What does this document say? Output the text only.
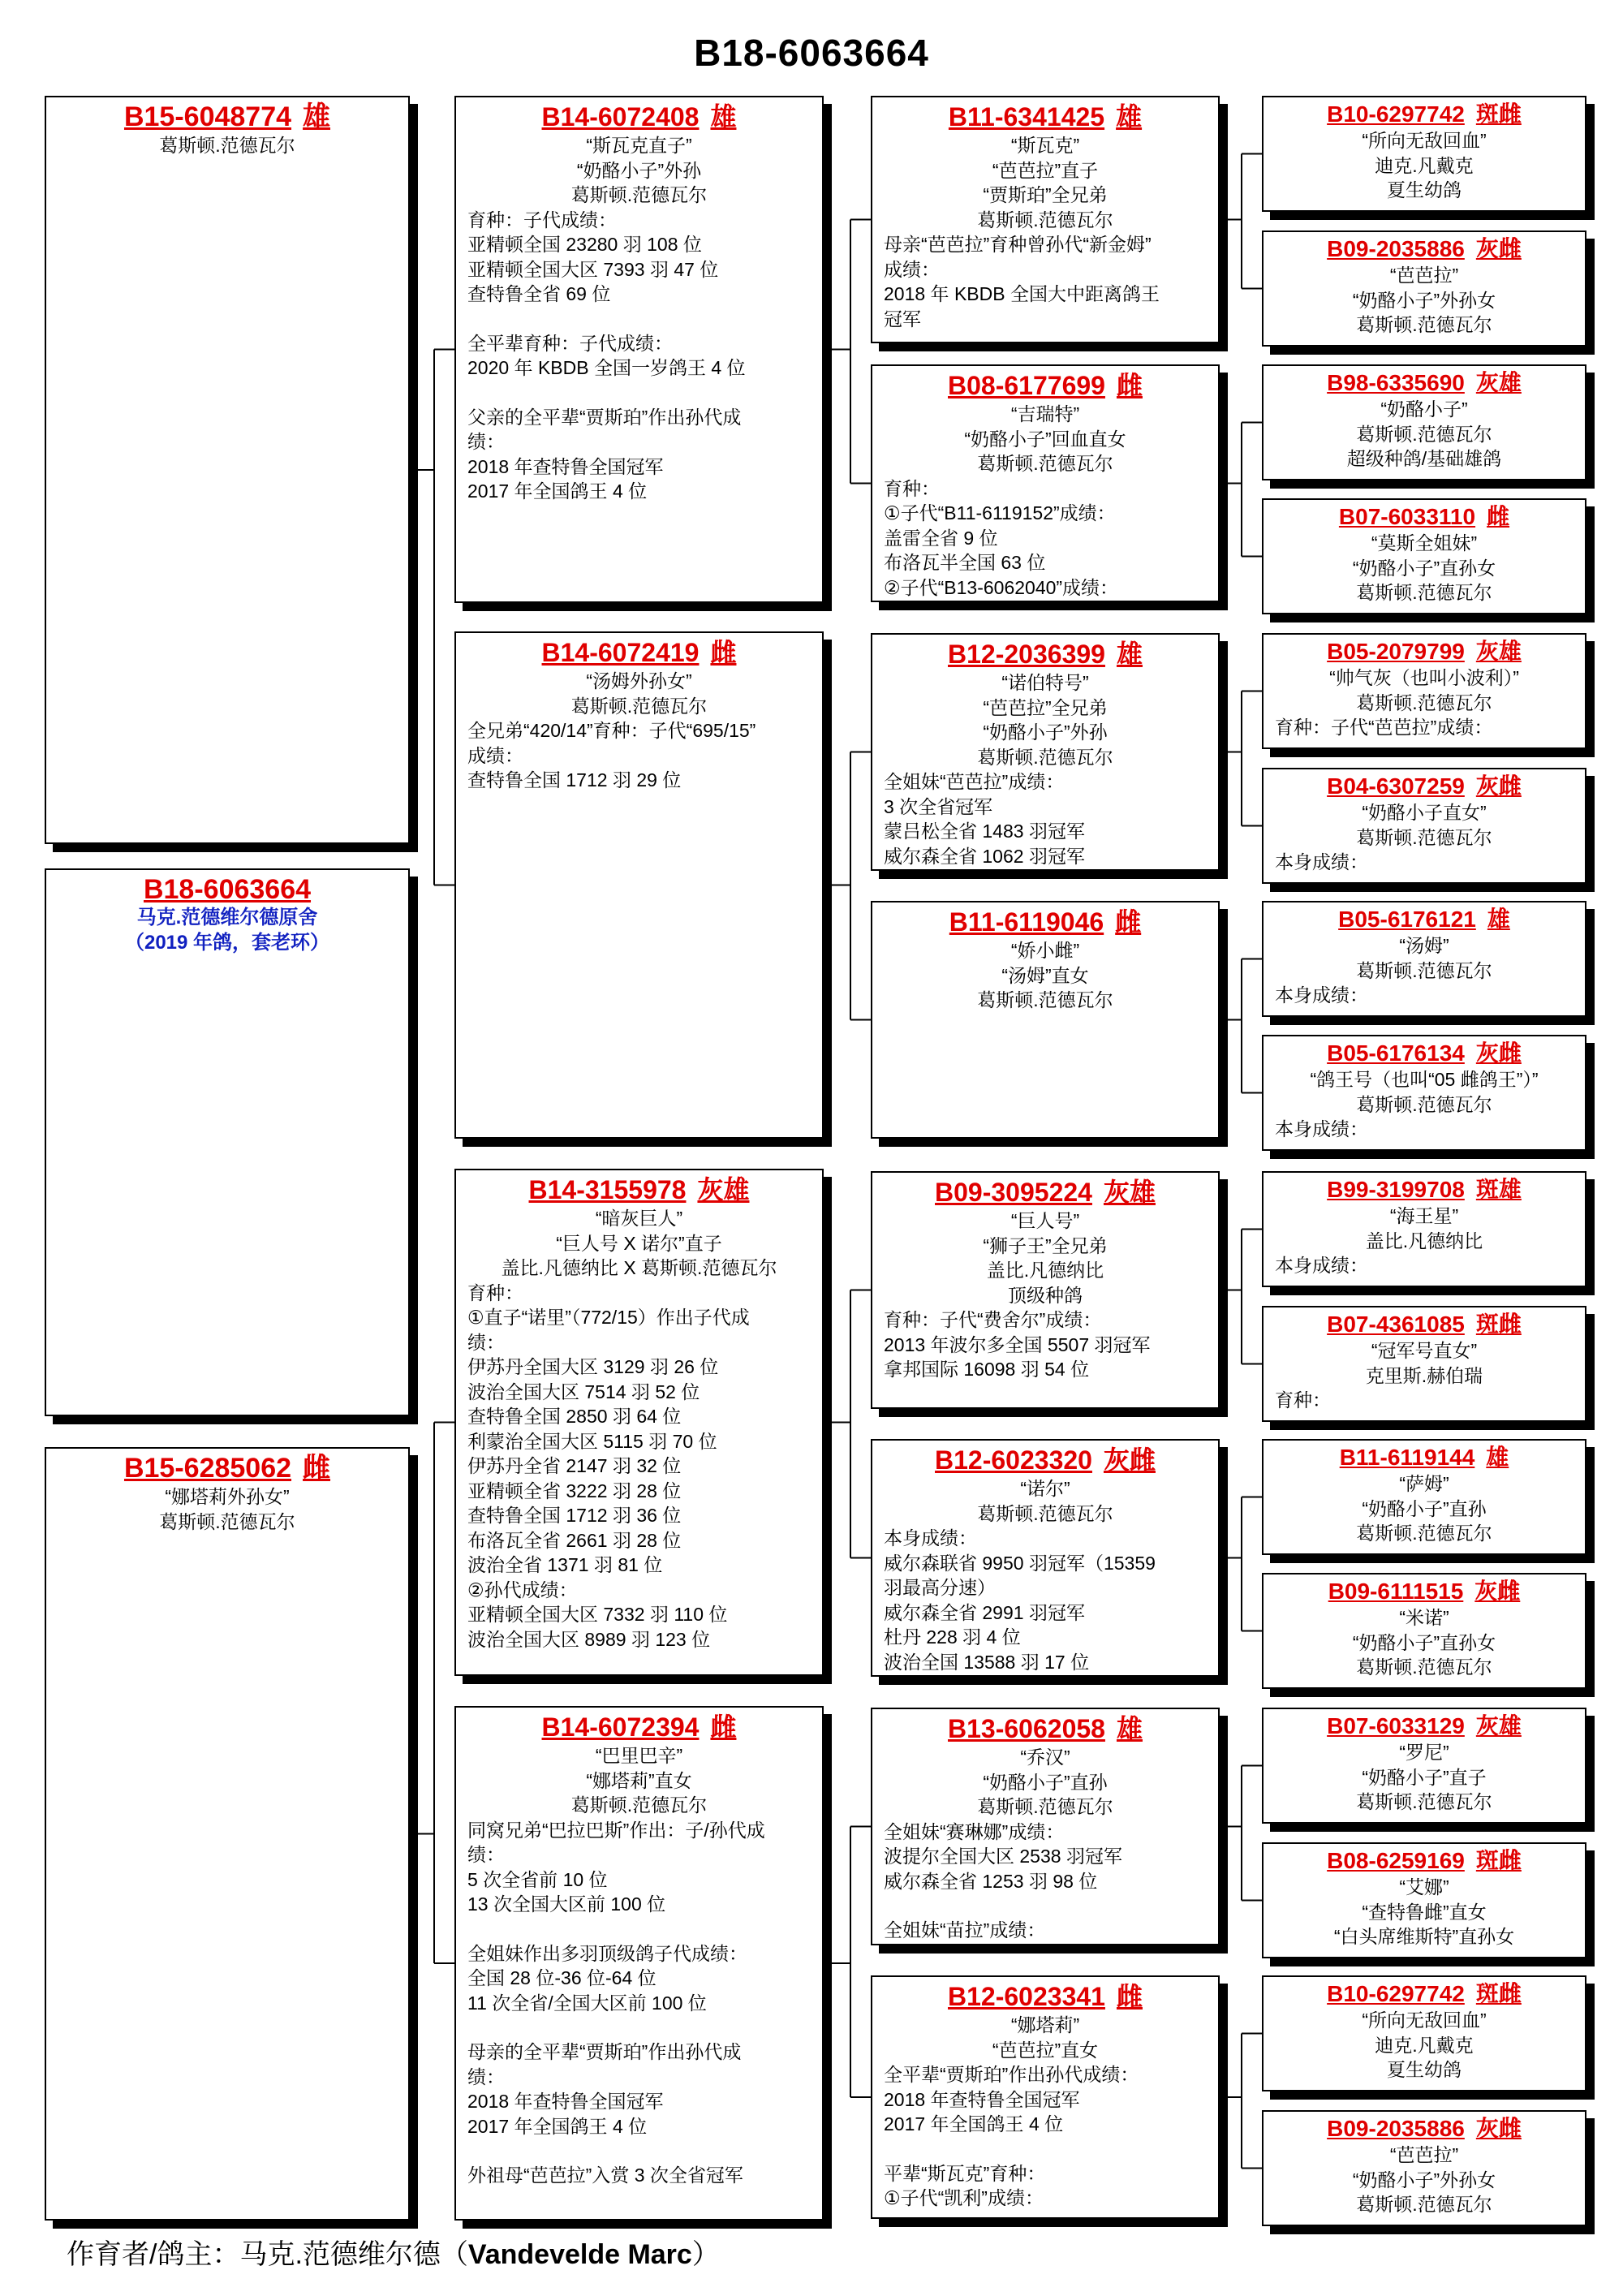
B18-6063664
B18-6063664
马克.范德维尔德原舍
（2019 年鸽，套老环）
B15-6048774 雄
葛斯顿.范德瓦尔
B15-6285062 雌
“娜塔莉外孙女”
葛斯顿.范德瓦尔
B14-6072408 雄
“斯瓦克直子”
“奶酪小子”外孙
葛斯顿.范德瓦尔
育种：子代成绩：
亚精顿全国 23280 羽 108 位
亚精顿全国大区 7393 羽 47 位
查特鲁全省 69 位
全平辈育种：子代成绩：
2020 年 KBDB 全国一岁鸽王 4 位
父亲的全平辈“贾斯珀”作出孙代成
绩：
2018 年查特鲁全国冠军
2017 年全国鸽王 4 位
B14-6072419 雌
“汤姆外孙女”
葛斯顿.范德瓦尔
全兄弟“420/14”育种：子代“695/15”
成绩：
查特鲁全国 1712 羽 29 位
B14-3155978 灰雄
“暗灰巨人”
“巨人号 X 诺尔”直子
盖比.凡德纳比 X 葛斯顿.范德瓦尔
育种：
①直子“诺里”（772/15）作出子代成
绩：
伊苏丹全国大区 3129 羽 26 位
波治全国大区 7514 羽 52 位
查特鲁全国 2850 羽 64 位
利蒙治全国大区 5115 羽 70 位
伊苏丹全省 2147 羽 32 位
亚精顿全省 3222 羽 28 位
查特鲁全国 1712 羽 36 位
布洛瓦全省 2661 羽 28 位
波治全省 1371 羽 81 位
②孙代成绩：
亚精顿全国大区 7332 羽 110 位
波治全国大区 8989 羽 123 位
B14-6072394 雌
“巴里巴辛”
“娜塔莉”直女
葛斯顿.范德瓦尔
同窝兄弟“巴拉巴斯”作出：子/孙代成
绩：
5 次全省前 10 位
13 次全国大区前 100 位
全姐妹作出多羽顶级鸽子代成绩：
全国 28 位-36 位-64 位
11 次全省/全国大区前 100 位
母亲的全平辈“贾斯珀”作出孙代成
绩：
2018 年查特鲁全国冠军
2017 年全国鸽王 4 位
外祖母“芭芭拉”入赏 3 次全省冠军
B11-6341425 雄
“斯瓦克”
“芭芭拉”直子
“贾斯珀”全兄弟
葛斯顿.范德瓦尔
母亲“芭芭拉”育种曾孙代“新金姆”
成绩：
2018 年 KBDB 全国大中距离鸽王
冠军
B08-6177699 雌
“吉瑞特”
“奶酪小子”回血直女
葛斯顿.范德瓦尔
育种：
①子代“B11-6119152”成绩：
盖雷全省 9 位
布洛瓦半全国 63 位
②子代“B13-6062040”成绩：
B12-2036399 雄
“诺伯特号”
“芭芭拉”全兄弟
“奶酪小子”外孙
葛斯顿.范德瓦尔
全姐妹“芭芭拉”成绩：
3 次全省冠军
蒙吕松全省 1483 羽冠军
威尔森全省 1062 羽冠军
B11-6119046 雌
“娇小雌”
“汤姆”直女
葛斯顿.范德瓦尔
B09-3095224 灰雄
“巨人号”
“狮子王”全兄弟
盖比.凡德纳比
顶级种鸽
育种：子代“费舍尔”成绩：
2013 年波尔多全国 5507 羽冠军
拿邦国际 16098 羽 54 位
B12-6023320 灰雌
“诺尔”
葛斯顿.范德瓦尔
本身成绩：
威尔森联省 9950 羽冠军（15359
羽最高分速）
威尔森全省 2991 羽冠军
杜丹 228 羽 4 位
波治全国 13588 羽 17 位
B13-6062058 雄
“乔汉”
“奶酪小子”直孙
葛斯顿.范德瓦尔
全姐妹“赛琳娜”成绩：
波提尔全国大区 2538 羽冠军
威尔森全省 1253 羽 98 位
全姐妹“苗拉”成绩：
B12-6023341 雌
“娜塔莉”
“芭芭拉”直女
全平辈“贾斯珀”作出孙代成绩：
2018 年查特鲁全国冠军
2017 年全国鸽王 4 位
平辈“斯瓦克”育种：
①子代“凯利”成绩：
B10-6297742 斑雌
“所向无敌回血”
迪克.凡戴克
夏生幼鸽
B09-2035886 灰雌
“芭芭拉”
“奶酪小子”外孙女
葛斯顿.范德瓦尔
B98-6335690 灰雄
“奶酪小子”
葛斯顿.范德瓦尔
超级种鸽/基础雄鸽
B07-6033110 雌
“莫斯全姐妹”
“奶酪小子”直孙女
葛斯顿.范德瓦尔
B05-2079799 灰雄
“帅气灰（也叫小波利）”
葛斯顿.范德瓦尔
育种：子代“芭芭拉”成绩：
B04-6307259 灰雌
“奶酪小子直女”
葛斯顿.范德瓦尔
本身成绩：
B05-6176121 雄
“汤姆”
葛斯顿.范德瓦尔
本身成绩：
B05-6176134 灰雌
“鸽王号（也叫“05 雌鸽王”）”
葛斯顿.范德瓦尔
本身成绩：
B99-3199708 斑雄
“海王星”
盖比.凡德纳比
本身成绩：
B07-4361085 斑雌
“冠军号直女”
克里斯.赫伯瑞
育种：
B11-6119144 雄
“萨姆”
“奶酪小子”直孙
葛斯顿.范德瓦尔
B09-6111515 灰雌
“米诺”
“奶酪小子”直孙女
葛斯顿.范德瓦尔
B07-6033129 灰雄
“罗尼”
“奶酪小子”直子
葛斯顿.范德瓦尔
B08-6259169 斑雌
“艾娜”
“查特鲁雌”直女
“白头席维斯特”直孙女
B10-6297742 斑雌
“所向无敌回血”
迪克.凡戴克
夏生幼鸽
B09-2035886 灰雌
“芭芭拉”
“奶酪小子”外孙女
葛斯顿.范德瓦尔
作育者/鸽主：马克.范德维尔德（Vandevelde Marc）
